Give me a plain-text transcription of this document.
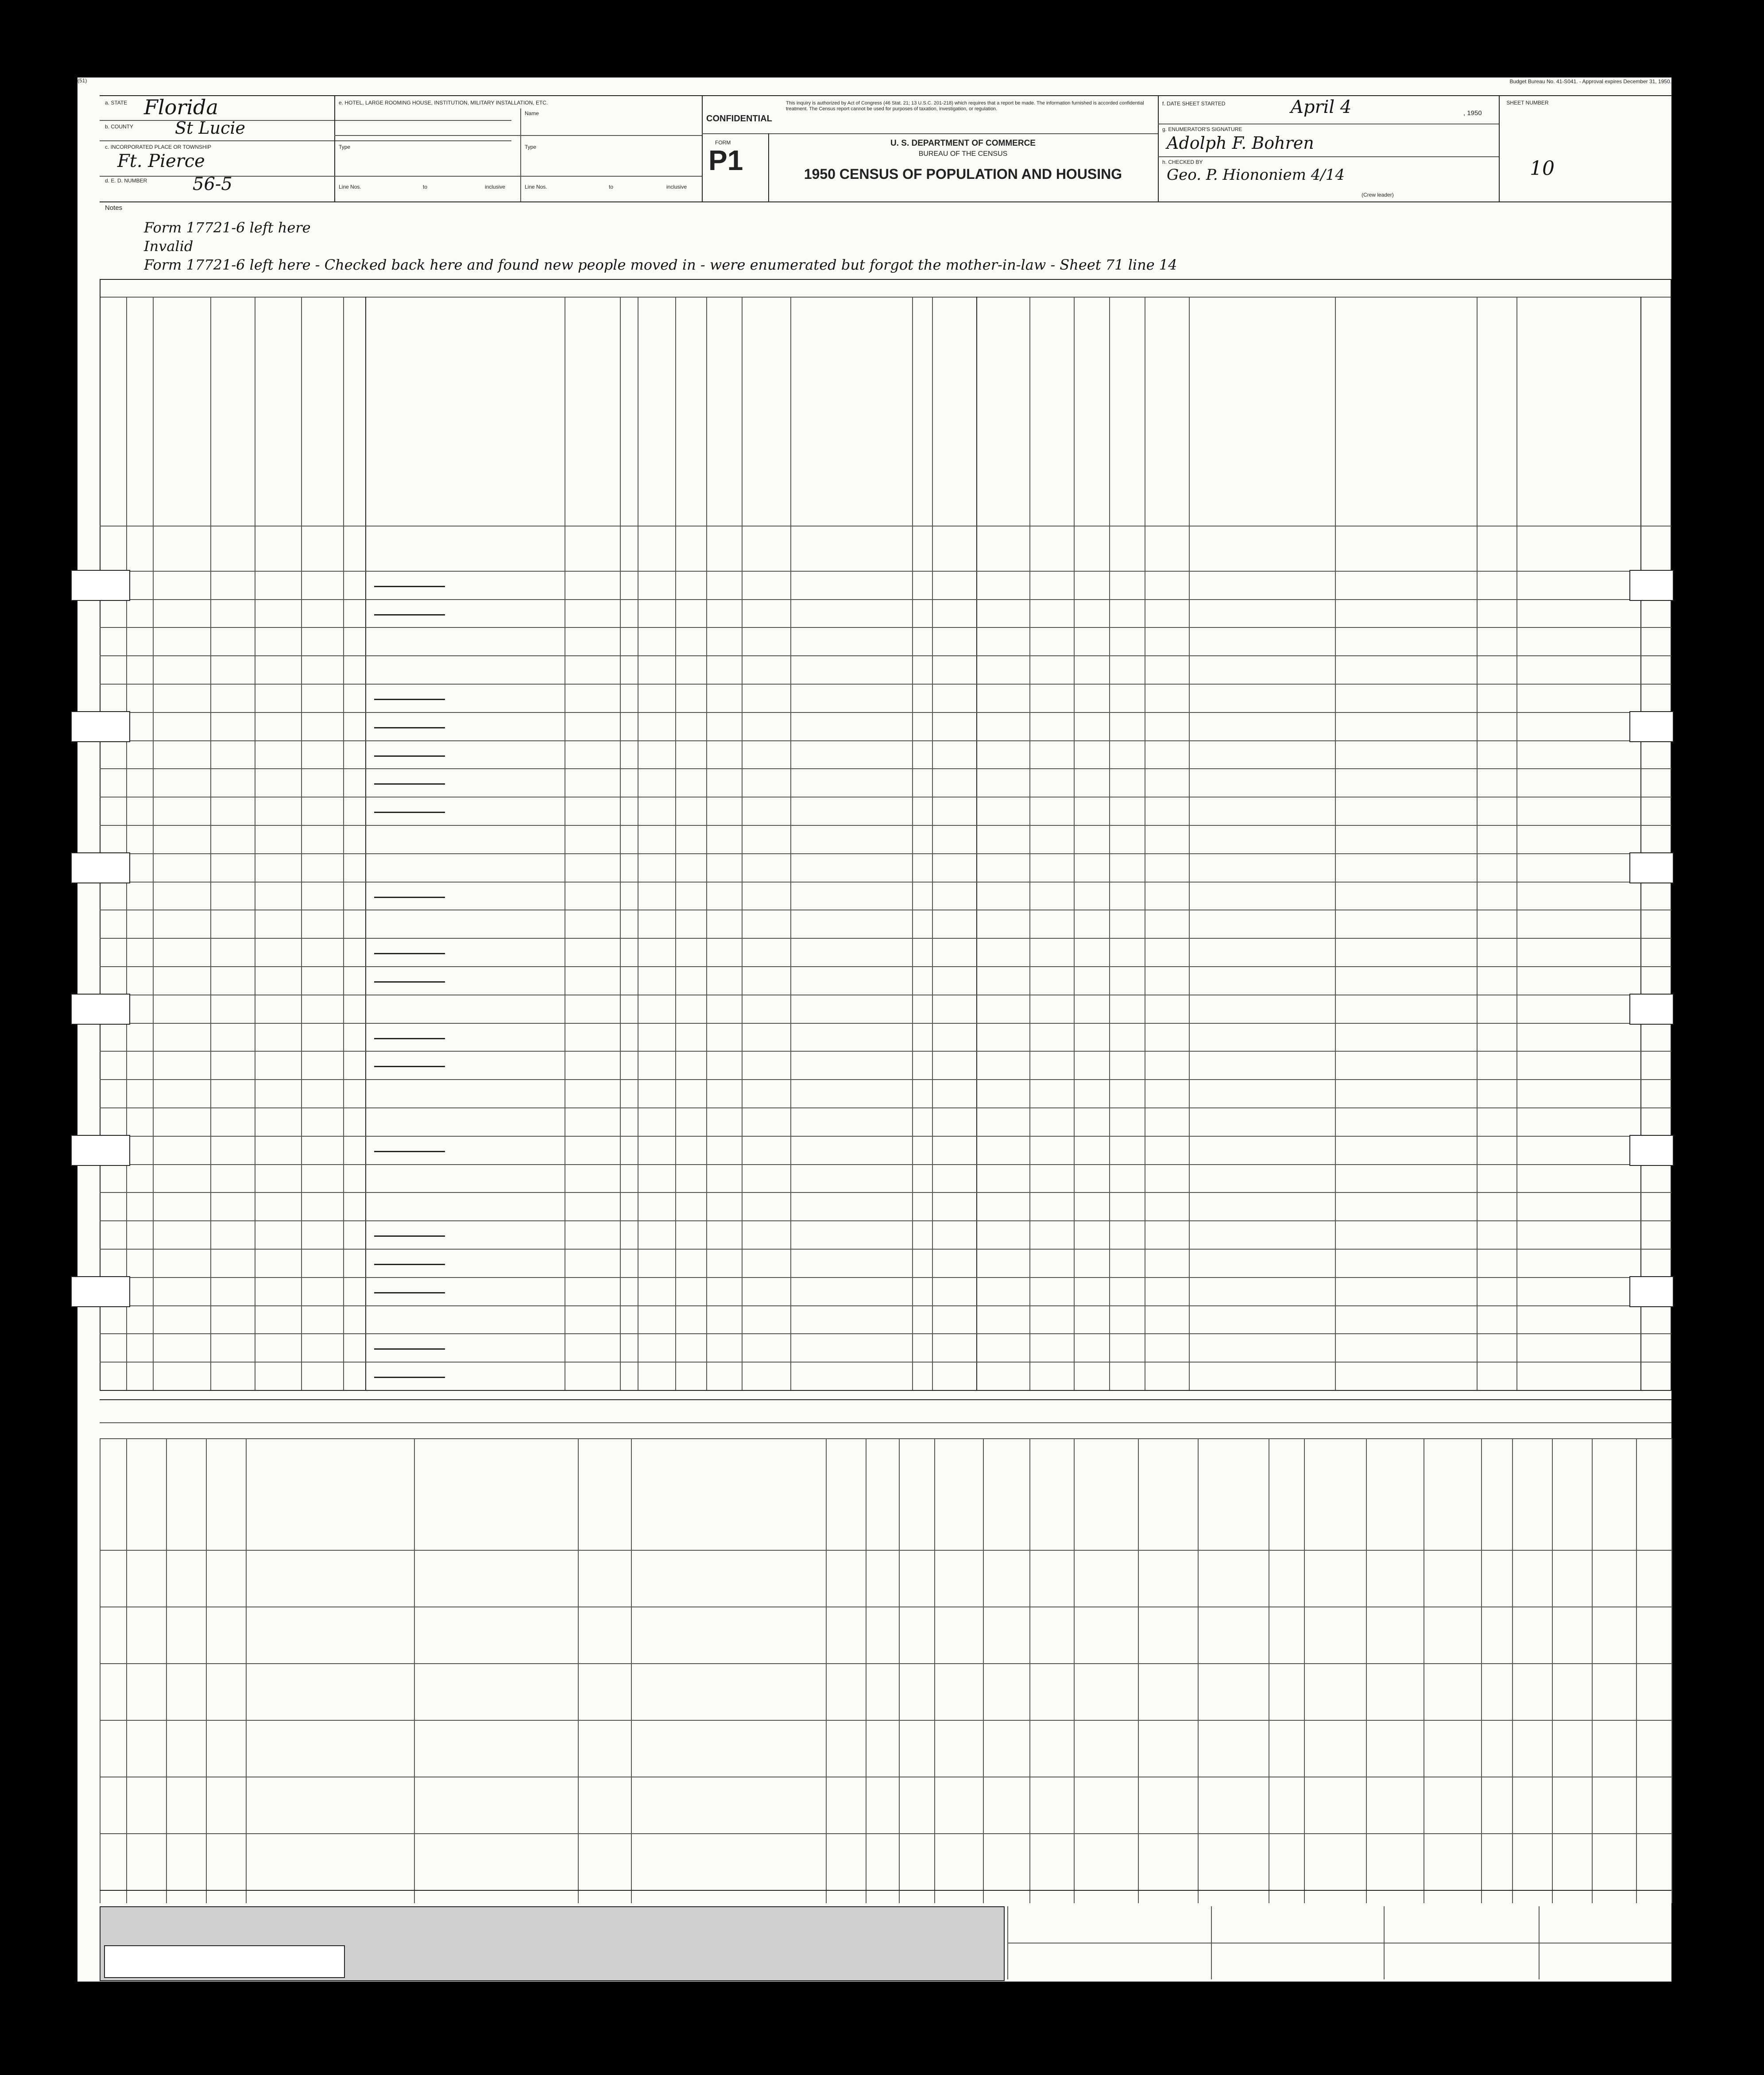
(51)	Budget Bureau No. 41-S041. - Approval expires December 31, 1950.
a. STATE Florida
b. COUNTY St Lucie
c. INCORPORATED PLACE OR TOWNSHIP
Ft. Pierce
d. E. D. NUMBER	56-5
e. HOTEL, LARGE ROOMING HOUSE, INSTITUTION, MILITARY INSTALLATION, ETC.
Name
Type	Type
Line Nos.	to	inclusive	Line Nos.	to	inclusive
CONFIDENTIAL
This inquiry is authorized by Act of Congress (46 Stat. 21; 13 U.S.C. 201-218) which requires that a report be made. The information furnished is accorded confidential treatment. The Census report cannot be used for purposes of taxation, investigation, or regulation.
FORM
P1
U. S. DEPARTMENT OF COMMERCE
BUREAU OF THE CENSUS
1950 CENSUS OF POPULATION AND HOUSING
f. DATE SHEET STARTED	April 4	, 1950
g. ENUMERATOR'S SIGNATURE
Adolph F. Bohren
h. CHECKED BY
Geo. P. Hiononiem 4/14
(Crew leader)
SHEET NUMBER
10
Notes
Form 17721-6 left here
Invalid
Form 17721-6 left here - Checked back here and found new people moved in - were enumerated but forgot the mother-in-law - Sheet 71 line 14
